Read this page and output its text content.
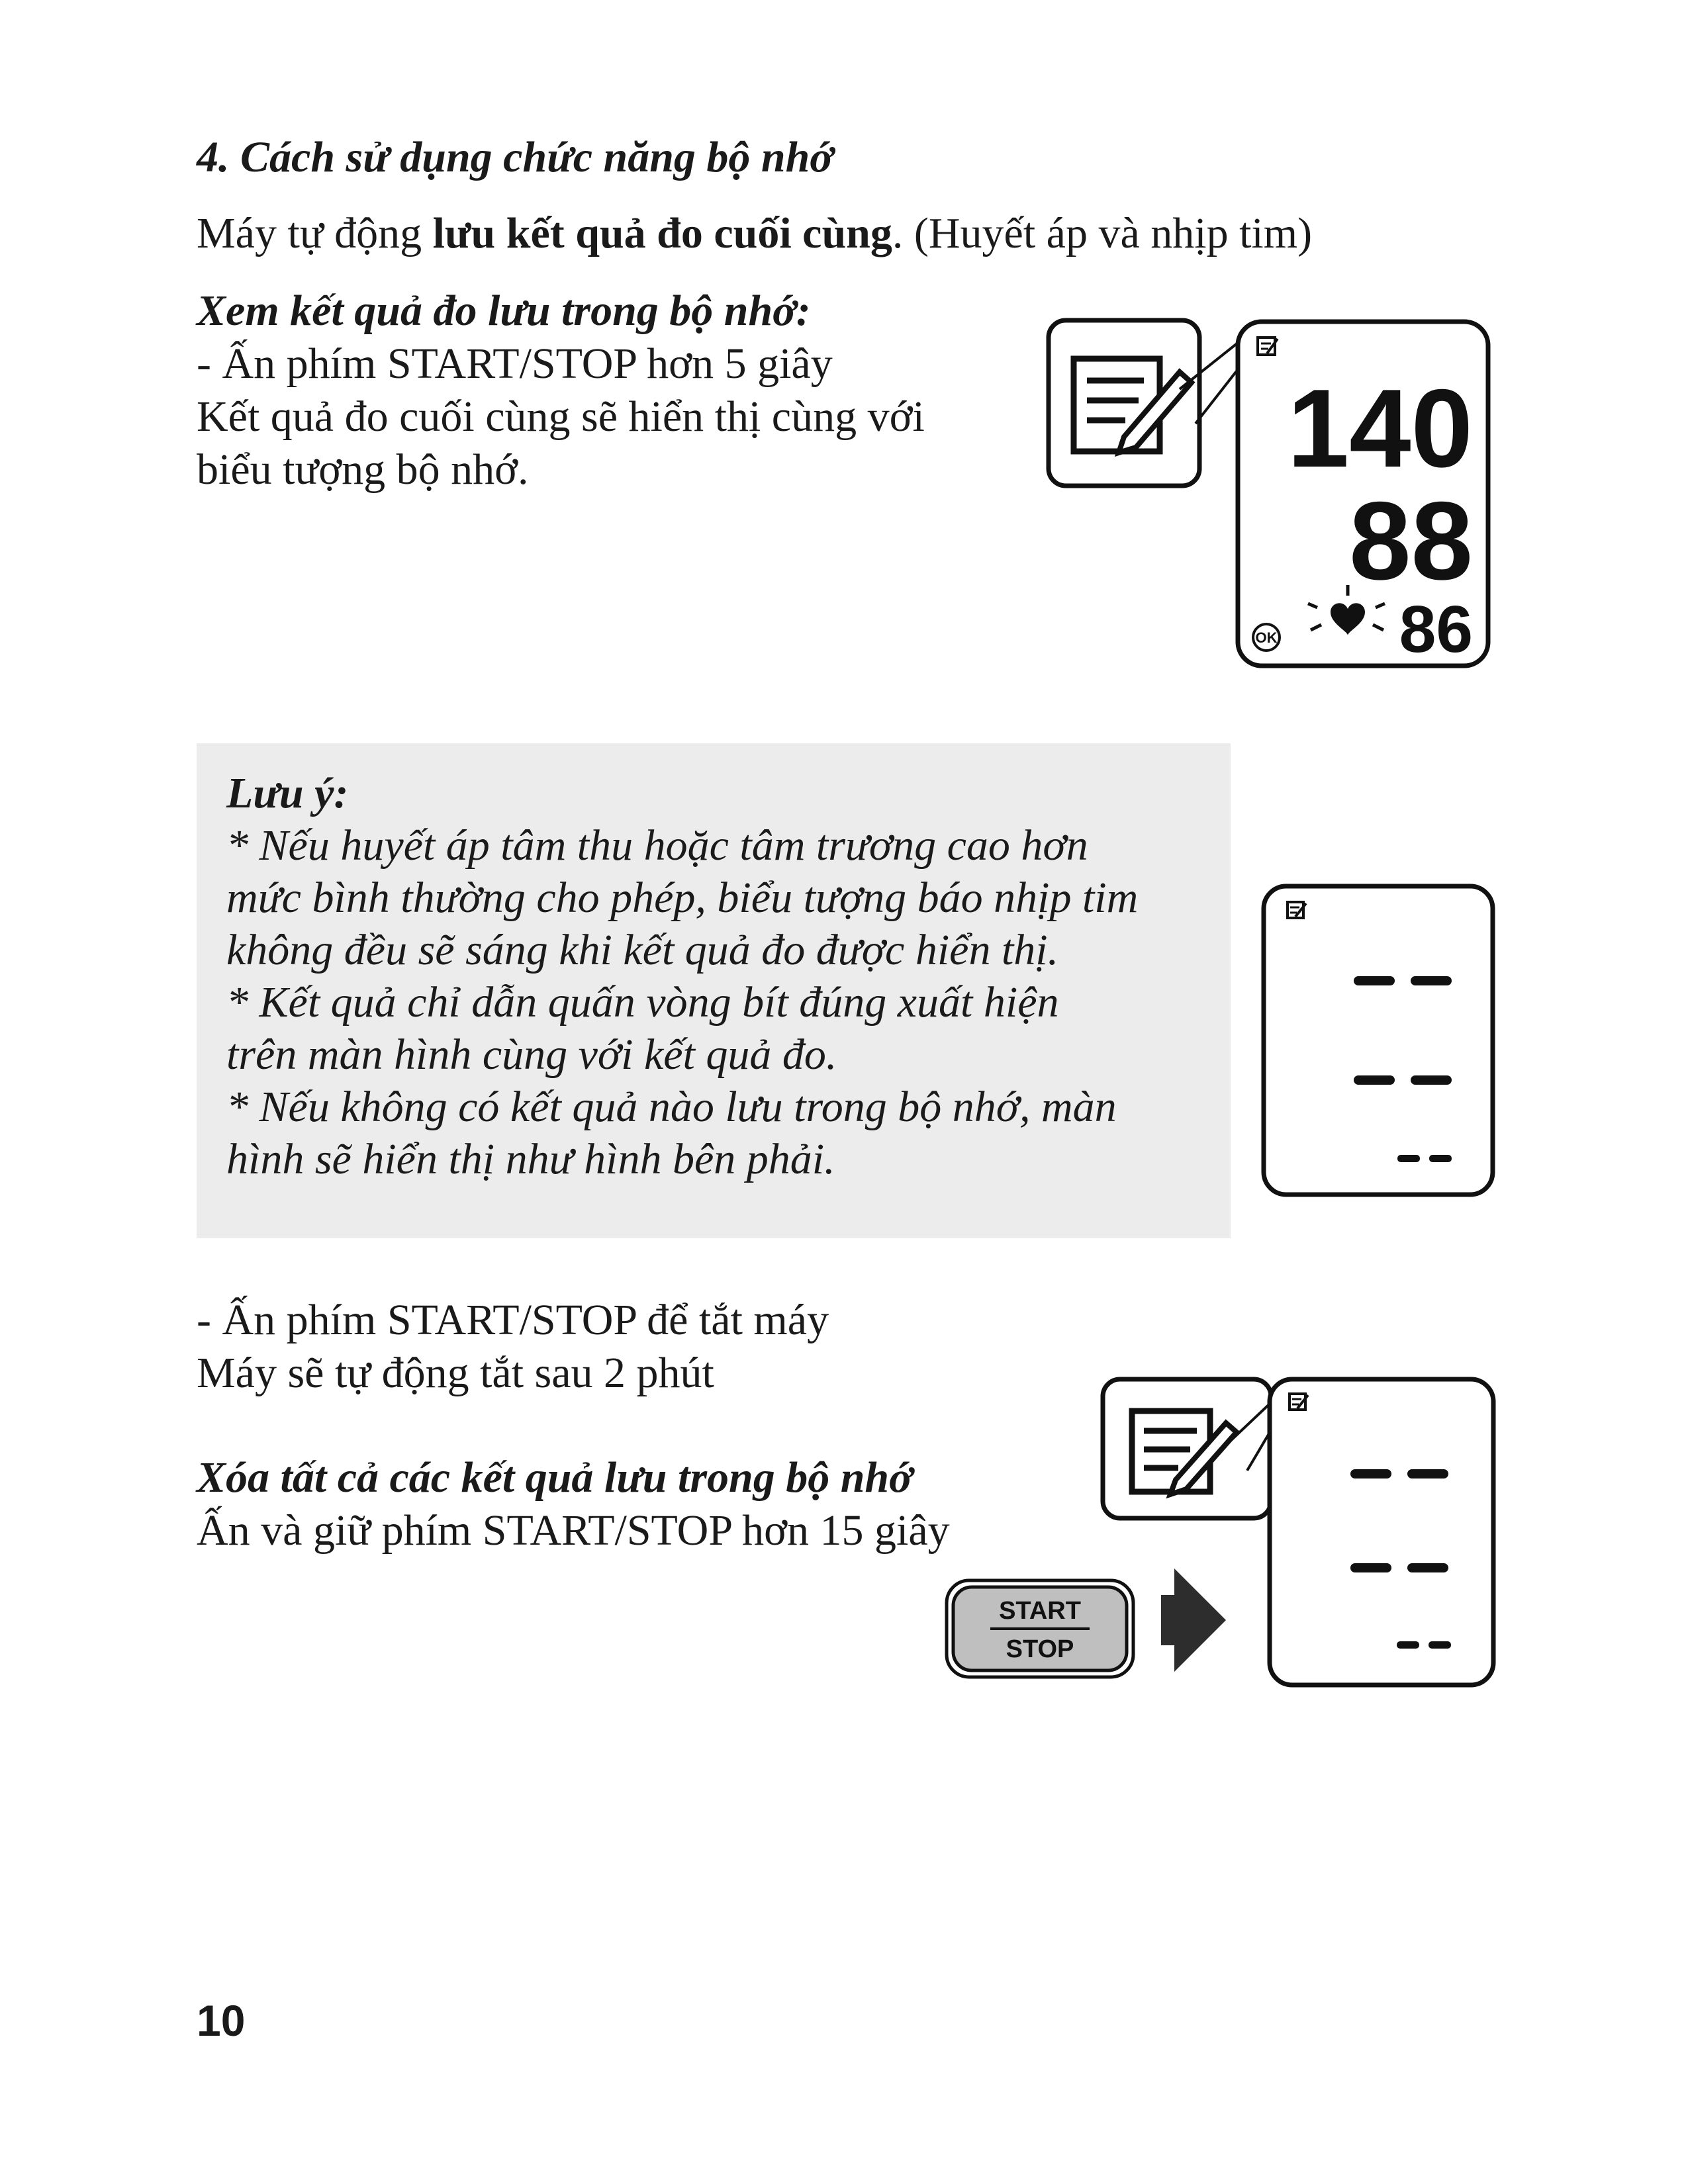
4. Cách sử dụng chức năng bộ nhớ
Máy tự động lưu kết quả đo cuối cùng. (Huyết áp và nhịp tim)
Xem kết quả đo lưu trong bộ nhớ:
- Ấn phím START/STOP hơn 5 giây
Kết quả đo cuối cùng sẽ hiển thị cùng với
biểu tượng bộ nhớ.	140
88
86
OK
Lưu ý:
* Nếu huyết áp tâm thu hoặc tâm trương cao hơn
mức bình thường cho phép, biểu tượng báo nhịp tim
không đều sẽ sáng khi kết quả đo được hiển thị.
* Kết quả chỉ dẫn quấn vòng bít đúng xuất hiện
trên màn hình cùng với kết quả đo.
* Nếu không có kết quả nào lưu trong bộ nhớ, màn
hình sẽ hiển thị như hình bên phải.
- Ấn phím START/STOP để tắt máy
Máy sẽ tự động tắt sau 2 phút
Xóa tất cả các kết quả lưu trong bộ nhớ
Ấn và giữ phím START/STOP hơn 15 giây
START
STOP
10
